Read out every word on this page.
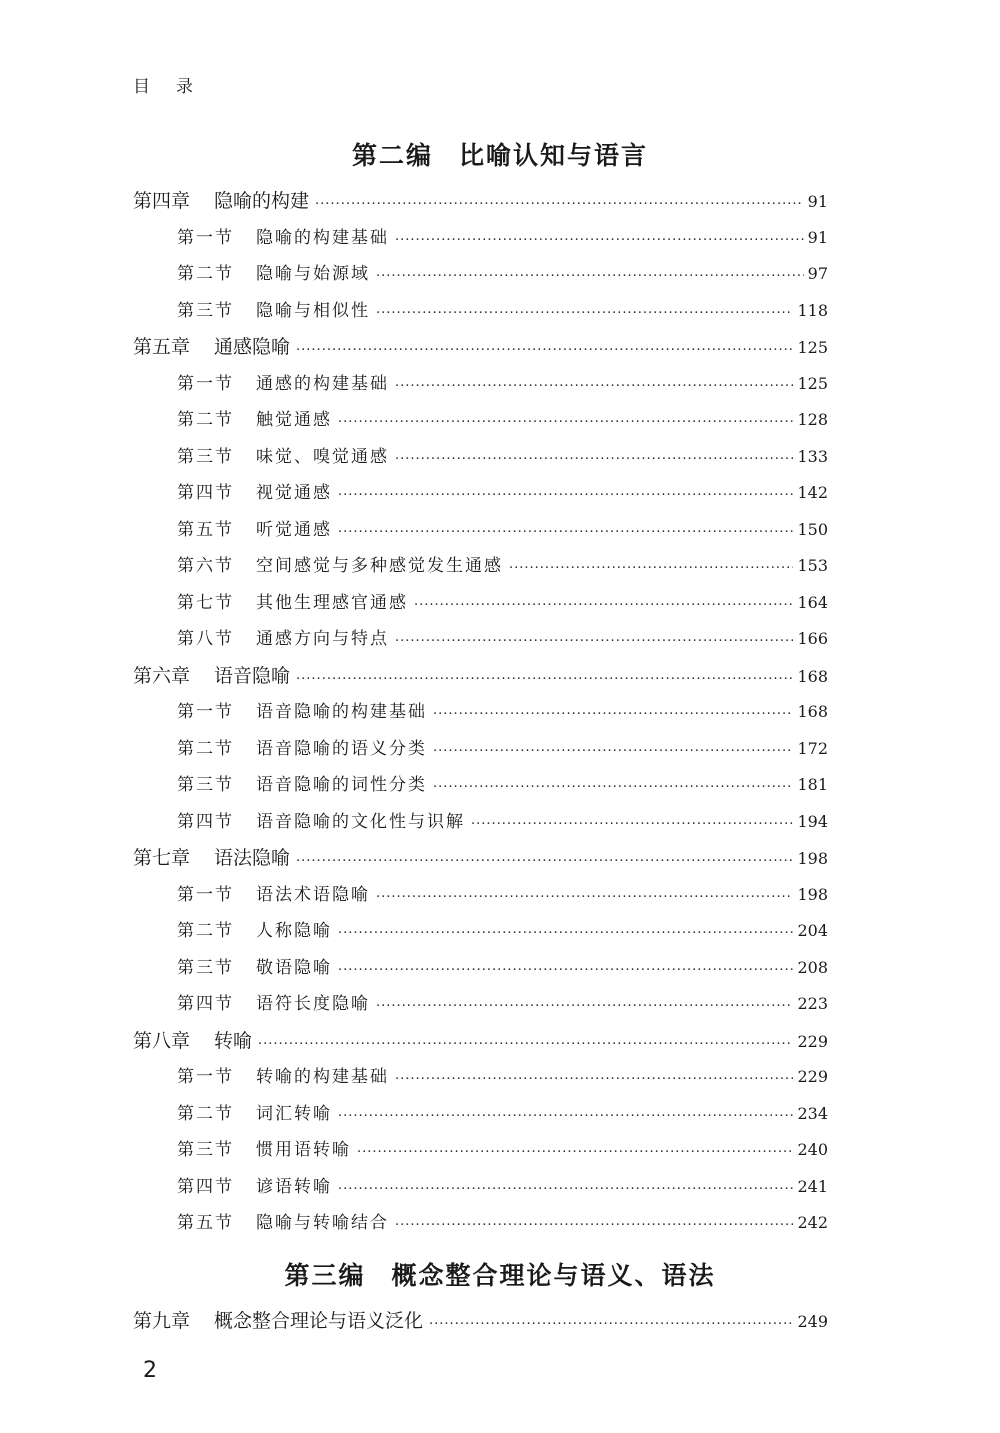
目录
第二编 比喻认知与语言
第三编 概念整合理论与语义、语法
第四章 隐喻的构建 .....	91
第一节 隐喻的构建基础 .....	91
第二节 隐喻与始源域 .....	97
第三节 隐喻与相似性 .....	118
第五章 通感隐喻 .....	125
第一节 通感的构建基础 .....	125
第二节 触觉通感 .....	128
第三节 味觉、嗅觉通感 .....	133
第四节 视觉通感 .....	142
第五节 听觉通感 .....	150
第六节 空间感觉与多种感觉发生通感 .....	153
第七节 其他生理感官通感 .....	164
第八节 通感方向与特点 .....	166
第六章 语音隐喻 .....	168
第一节 语音隐喻的构建基础 .....	168
第二节 语音隐喻的语义分类 .....	172
第三节 语音隐喻的词性分类 .....	181
第四节 语音隐喻的文化性与识解 .....	194
第七章 语法隐喻 .....	198
第一节 语法术语隐喻 .....	198
第二节 人称隐喻 .....	204
第三节 敬语隐喻 .....	208
第四节 语符长度隐喻 .....	223
第八章 转喻 .....	229
第一节 转喻的构建基础 .....	229
第二节 词汇转喻 .....	234
第三节 惯用语转喻 .....	240
第四节 谚语转喻 .....	241
第五节 隐喻与转喻结合 .....	242
第九章 概念整合理论与语义泛化 .....	249
2
